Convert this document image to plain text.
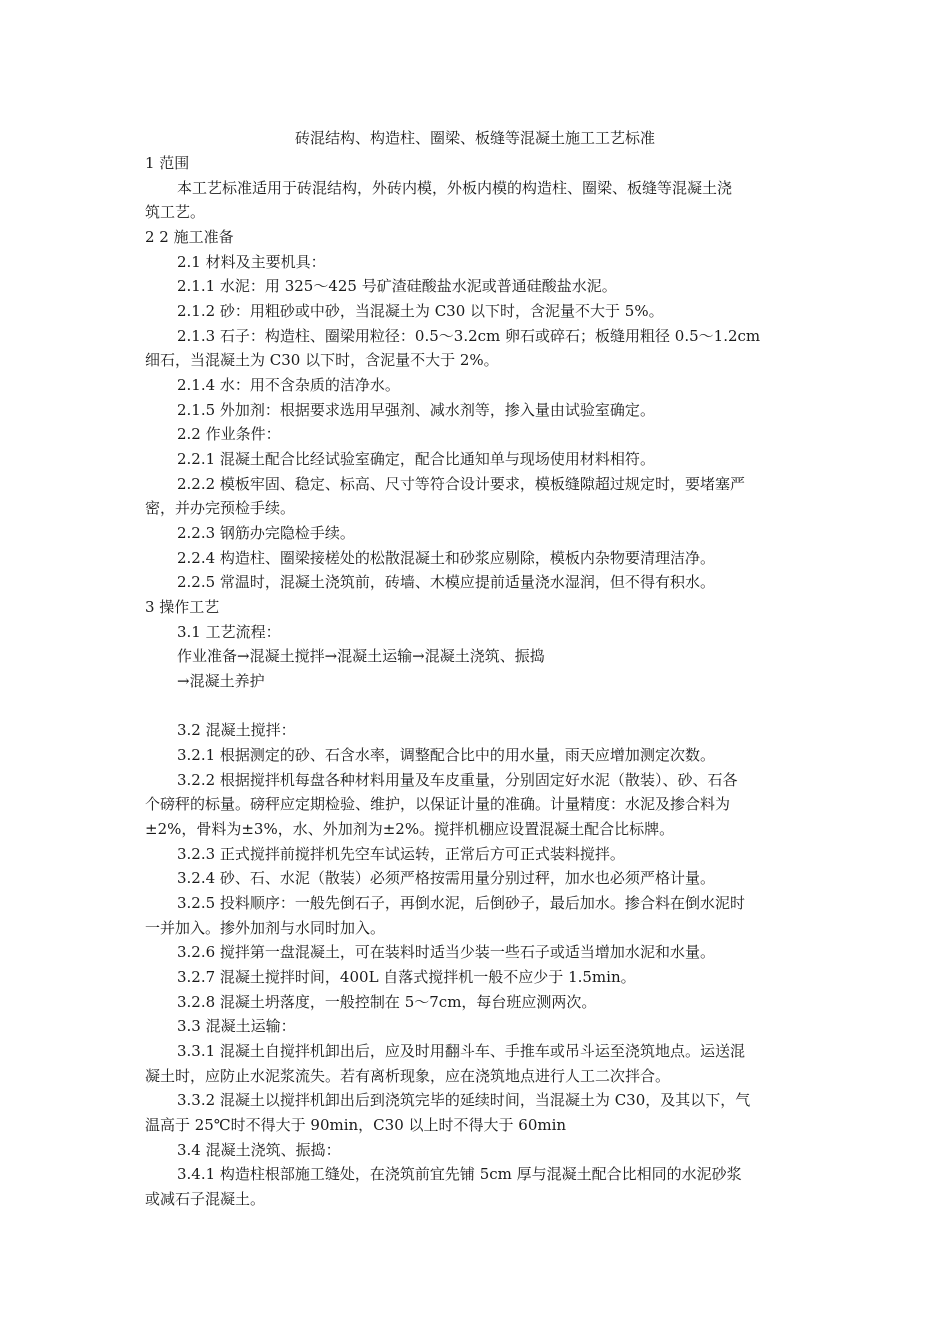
砖混结构、构造柱、圈梁、板缝等混凝土施工工艺标准
1 范围
本工艺标准适用于砖混结构，外砖内模，外板内模的构造柱、圈梁、板缝等混凝土浇
筑工艺。
2 2 施工准备
2.1 材料及主要机具：
2.1.1 水泥：用 325～425 号矿渣硅酸盐水泥或普通硅酸盐水泥。
2.1.2 砂：用粗砂或中砂，当混凝土为 C30 以下时，含泥量不大于 5%。
2.1.3 石子：构造柱、圈梁用粒径：0.5～3.2cm 卵石或碎石；板缝用粗径 0.5～1.2cm
细石，当混凝土为 C30 以下时，含泥量不大于 2%。
2.1.4 水：用不含杂质的洁净水。
2.1.5 外加剂：根据要求选用早强剂、减水剂等，掺入量由试验室确定。
2.2 作业条件：
2.2.1 混凝土配合比经试验室确定，配合比通知单与现场使用材料相符。
2.2.2 模板牢固、稳定、标高、尺寸等符合设计要求，模板缝隙超过规定时，要堵塞严
密，并办完预检手续。
2.2.3 钢筋办完隐检手续。
2.2.4 构造柱、圈梁接槎处的松散混凝土和砂浆应剔除，模板内杂物要清理洁净。
2.2.5 常温时，混凝土浇筑前，砖墙、木模应提前适量浇水湿润，但不得有积水。
3 操作工艺
3.1 工艺流程：
作业准备→混凝土搅拌→混凝土运输→混凝土浇筑、振捣
→混凝土养护
3.2 混凝土搅拌：
3.2.1 根据测定的砂、石含水率，调整配合比中的用水量，雨天应增加测定次数。
3.2.2 根据搅拌机每盘各种材料用量及车皮重量，分别固定好水泥（散装）、砂、石各
个磅秤的标量。磅秤应定期检验、维护，以保证计量的准确。计量精度：水泥及掺合料为
±2%，骨料为±3%，水、外加剂为±2%。搅拌机棚应设置混凝土配合比标牌。
3.2.3 正式搅拌前搅拌机先空车试运转，正常后方可正式装料搅拌。
3.2.4 砂、石、水泥（散装）必须严格按需用量分别过秤，加水也必须严格计量。
3.2.5 投料顺序：一般先倒石子，再倒水泥，后倒砂子，最后加水。掺合料在倒水泥时
一并加入。掺外加剂与水同时加入。
3.2.6 搅拌第一盘混凝土，可在装料时适当少装一些石子或适当增加水泥和水量。
3.2.7 混凝土搅拌时间，400L 自落式搅拌机一般不应少于 1.5min。
3.2.8 混凝土坍落度，一般控制在 5～7cm，每台班应测两次。
3.3 混凝土运输：
3.3.1 混凝土自搅拌机卸出后，应及时用翻斗车、手推车或吊斗运至浇筑地点。运送混
凝土时，应防止水泥浆流失。若有离析现象，应在浇筑地点进行人工二次拌合。
3.3.2 混凝土以搅拌机卸出后到浇筑完毕的延续时间，当混凝土为 C30，及其以下，气
温高于 25℃时不得大于 90min，C30 以上时不得大于 60min
3.4 混凝土浇筑、振捣：
3.4.1 构造柱根部施工缝处，在浇筑前宜先铺 5cm 厚与混凝土配合比相同的水泥砂浆
或减石子混凝土。
